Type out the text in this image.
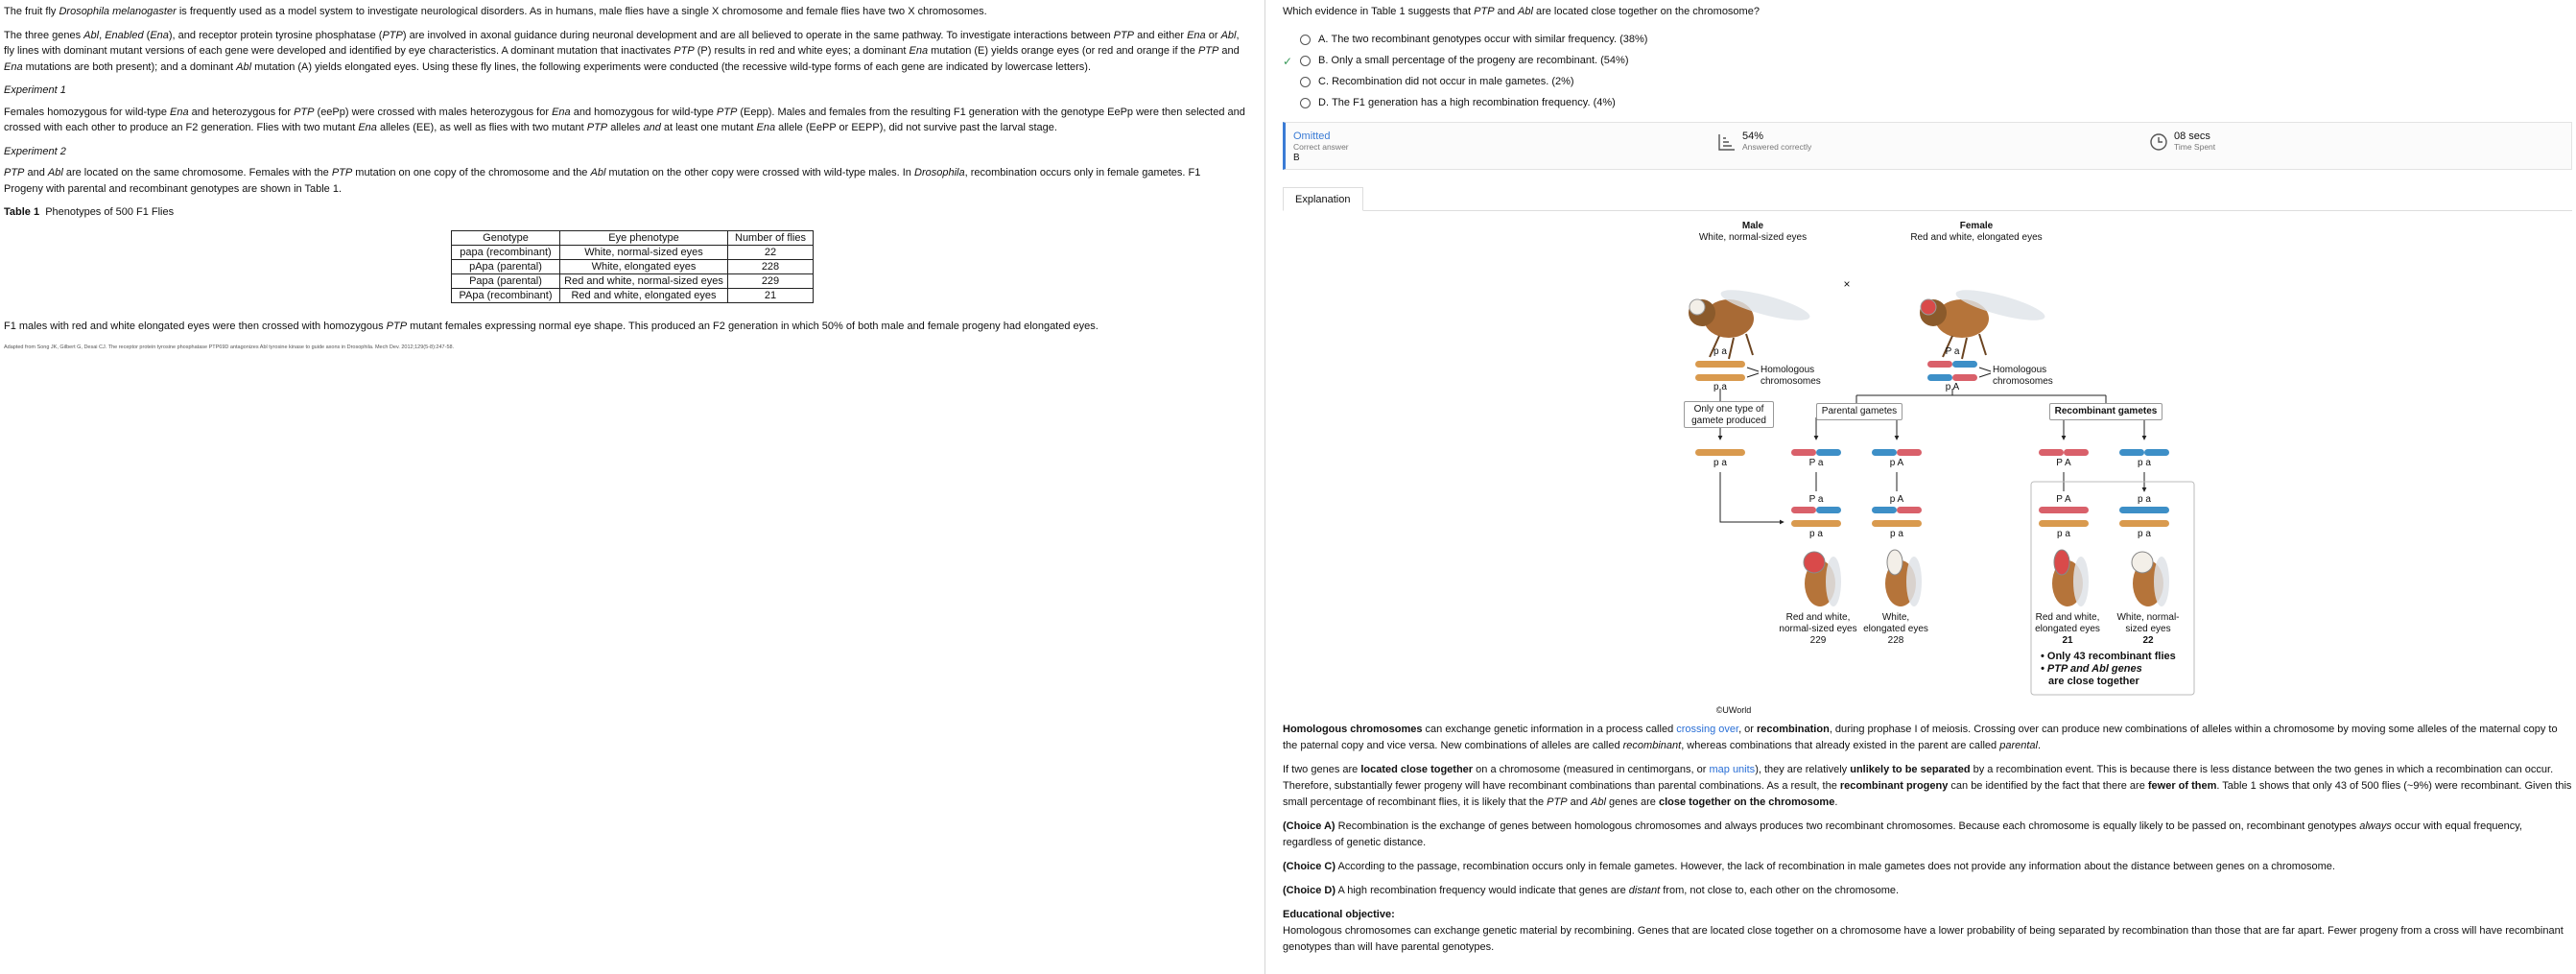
The fruit fly Drosophila melanogaster is frequently used as a model system to investigate neurological disorders. As in humans, male flies have a single X chromosome and female flies have two X chromosomes.

The three genes Abl, Enabled (Ena), and receptor protein tyrosine phosphatase (PTP) are involved in axonal guidance during neuronal development and are all believed to operate in the same pathway. To investigate interactions between PTP and either Ena or Abl, fly lines with dominant mutant versions of each gene were developed and identified by eye characteristics. A dominant mutation that inactivates PTP (P) results in red and white eyes; a dominant Ena mutation (E) yields orange eyes (or red and orange if the PTP and Ena mutations are both present); and a dominant Abl mutation (A) yields elongated eyes. Using these fly lines, the following experiments were conducted (the recessive wild-type forms of each gene are indicated by lowercase letters).

Experiment 1

Females homozygous for wild-type Ena and heterozygous for PTP (eePp) were crossed with males heterozygous for Ena and homozygous for wild-type PTP (Eepp). Males and females from the resulting F1 generation with the genotype EePp were then selected and crossed with each other to produce an F2 generation. Flies with two mutant Ena alleles (EE), as well as flies with two mutant PTP alleles and at least one mutant Ena allele (EePP or EEPP), did not survive past the larval stage.

Experiment 2

PTP and Abl are located on the same chromosome. Females with the PTP mutation on one copy of the chromosome and the Abl mutation on the other copy were crossed with wild-type males. In Drosophila, recombination occurs only in female gametes. F1 Progeny with parental and recombinant genotypes are shown in Table 1.

Table 1  Phenotypes of 500 F1 Flies
Genotype	Eye phenotype	Number of flies
papa (recombinant)	White, normal-sized eyes	22
pApa (parental)	White, elongated eyes	228
Papa (parental)	Red and white, normal-sized eyes	229
PApa (recombinant)	Red and white, elongated eyes	21

F1 males with red and white elongated eyes were then crossed with homozygous PTP mutant females expressing normal eye shape. This produced an F2 generation in which 50% of both male and female progeny had elongated eyes.

Adapted from Song JK, Gilbert G, Desai CJ. The receptor protein tyrosine phosphatase PTP69D antagonizes Abl tyrosine kinase to guide axons in Drosophila. Mech Dev. 2012;129(5-8):247-58.
Which evidence in Table 1 suggests that PTP and Abl are located close together on the chromosome?
A.
The two recombinant genotypes occur with similar frequency.
(38%)
✓	B.
Only a small percentage of the progeny are recombinant.
(54%)
C.
Recombination did not occur in male gametes.
(2%)
D.
The F1 generation has a high recombination frequency.
(4%)
Omitted
Correct answer
B
54%
Answered correctly
08 secs
Time Spent
Explanation
Male
White, normal-sized eyes
Female
Red and white, elongated eyes
×
p a
p a
P a
p A
Homologous
chromosomes
Homologous
chromosomes
Only one type of
gamete produced
Parental gametes	Recombinant gametes
p a	P a	p A	P A	p a
P a	p A	P A	p a
p a	p a	p a	p a
Red and white,
normal-sized eyes
229
White,
elongated eyes
228
Red and white,
elongated eyes
21
White, normal-
sized eyes
22
• Only 43 recombinant flies
• PTP and Abl genes
are close together
©UWorld

Homologous chromosomes can exchange genetic information in a process called crossing over, or recombination, during prophase I of meiosis. Crossing over can produce new combinations of alleles within a chromosome by moving some alleles of the maternal copy to the paternal copy and vice versa. New combinations of alleles are called recombinant, whereas combinations that already existed in the parent are called parental.

If two genes are located close together on a chromosome (measured in centimorgans, or map units), they are relatively unlikely to be separated by a recombination event. This is because there is less distance between the two genes in which a recombination can occur. Therefore, substantially fewer progeny will have recombinant combinations than parental combinations. As a result, the recombinant progeny can be identified by the fact that there are fewer of them. Table 1 shows that only 43 of 500 flies (~9%) were recombinant. Given this small percentage of recombinant flies, it is likely that the PTP and Abl genes are close together on the chromosome.

(Choice A) Recombination is the exchange of genes between homologous chromosomes and always produces two recombinant chromosomes. Because each chromosome is equally likely to be passed on, recombinant genotypes always occur with equal frequency, regardless of genetic distance.

(Choice C) According to the passage, recombination occurs only in female gametes. However, the lack of recombination in male gametes does not provide any information about the distance between genes on a chromosome.

(Choice D) A high recombination frequency would indicate that genes are distant from, not close to, each other on the chromosome.

Educational objective:

Homologous chromosomes can exchange genetic material by recombining. Genes that are located close together on a chromosome have a lower probability of being separated by recombination than those that are far apart. Fewer progeny from a cross will have recombinant genotypes than will have parental genotypes.
